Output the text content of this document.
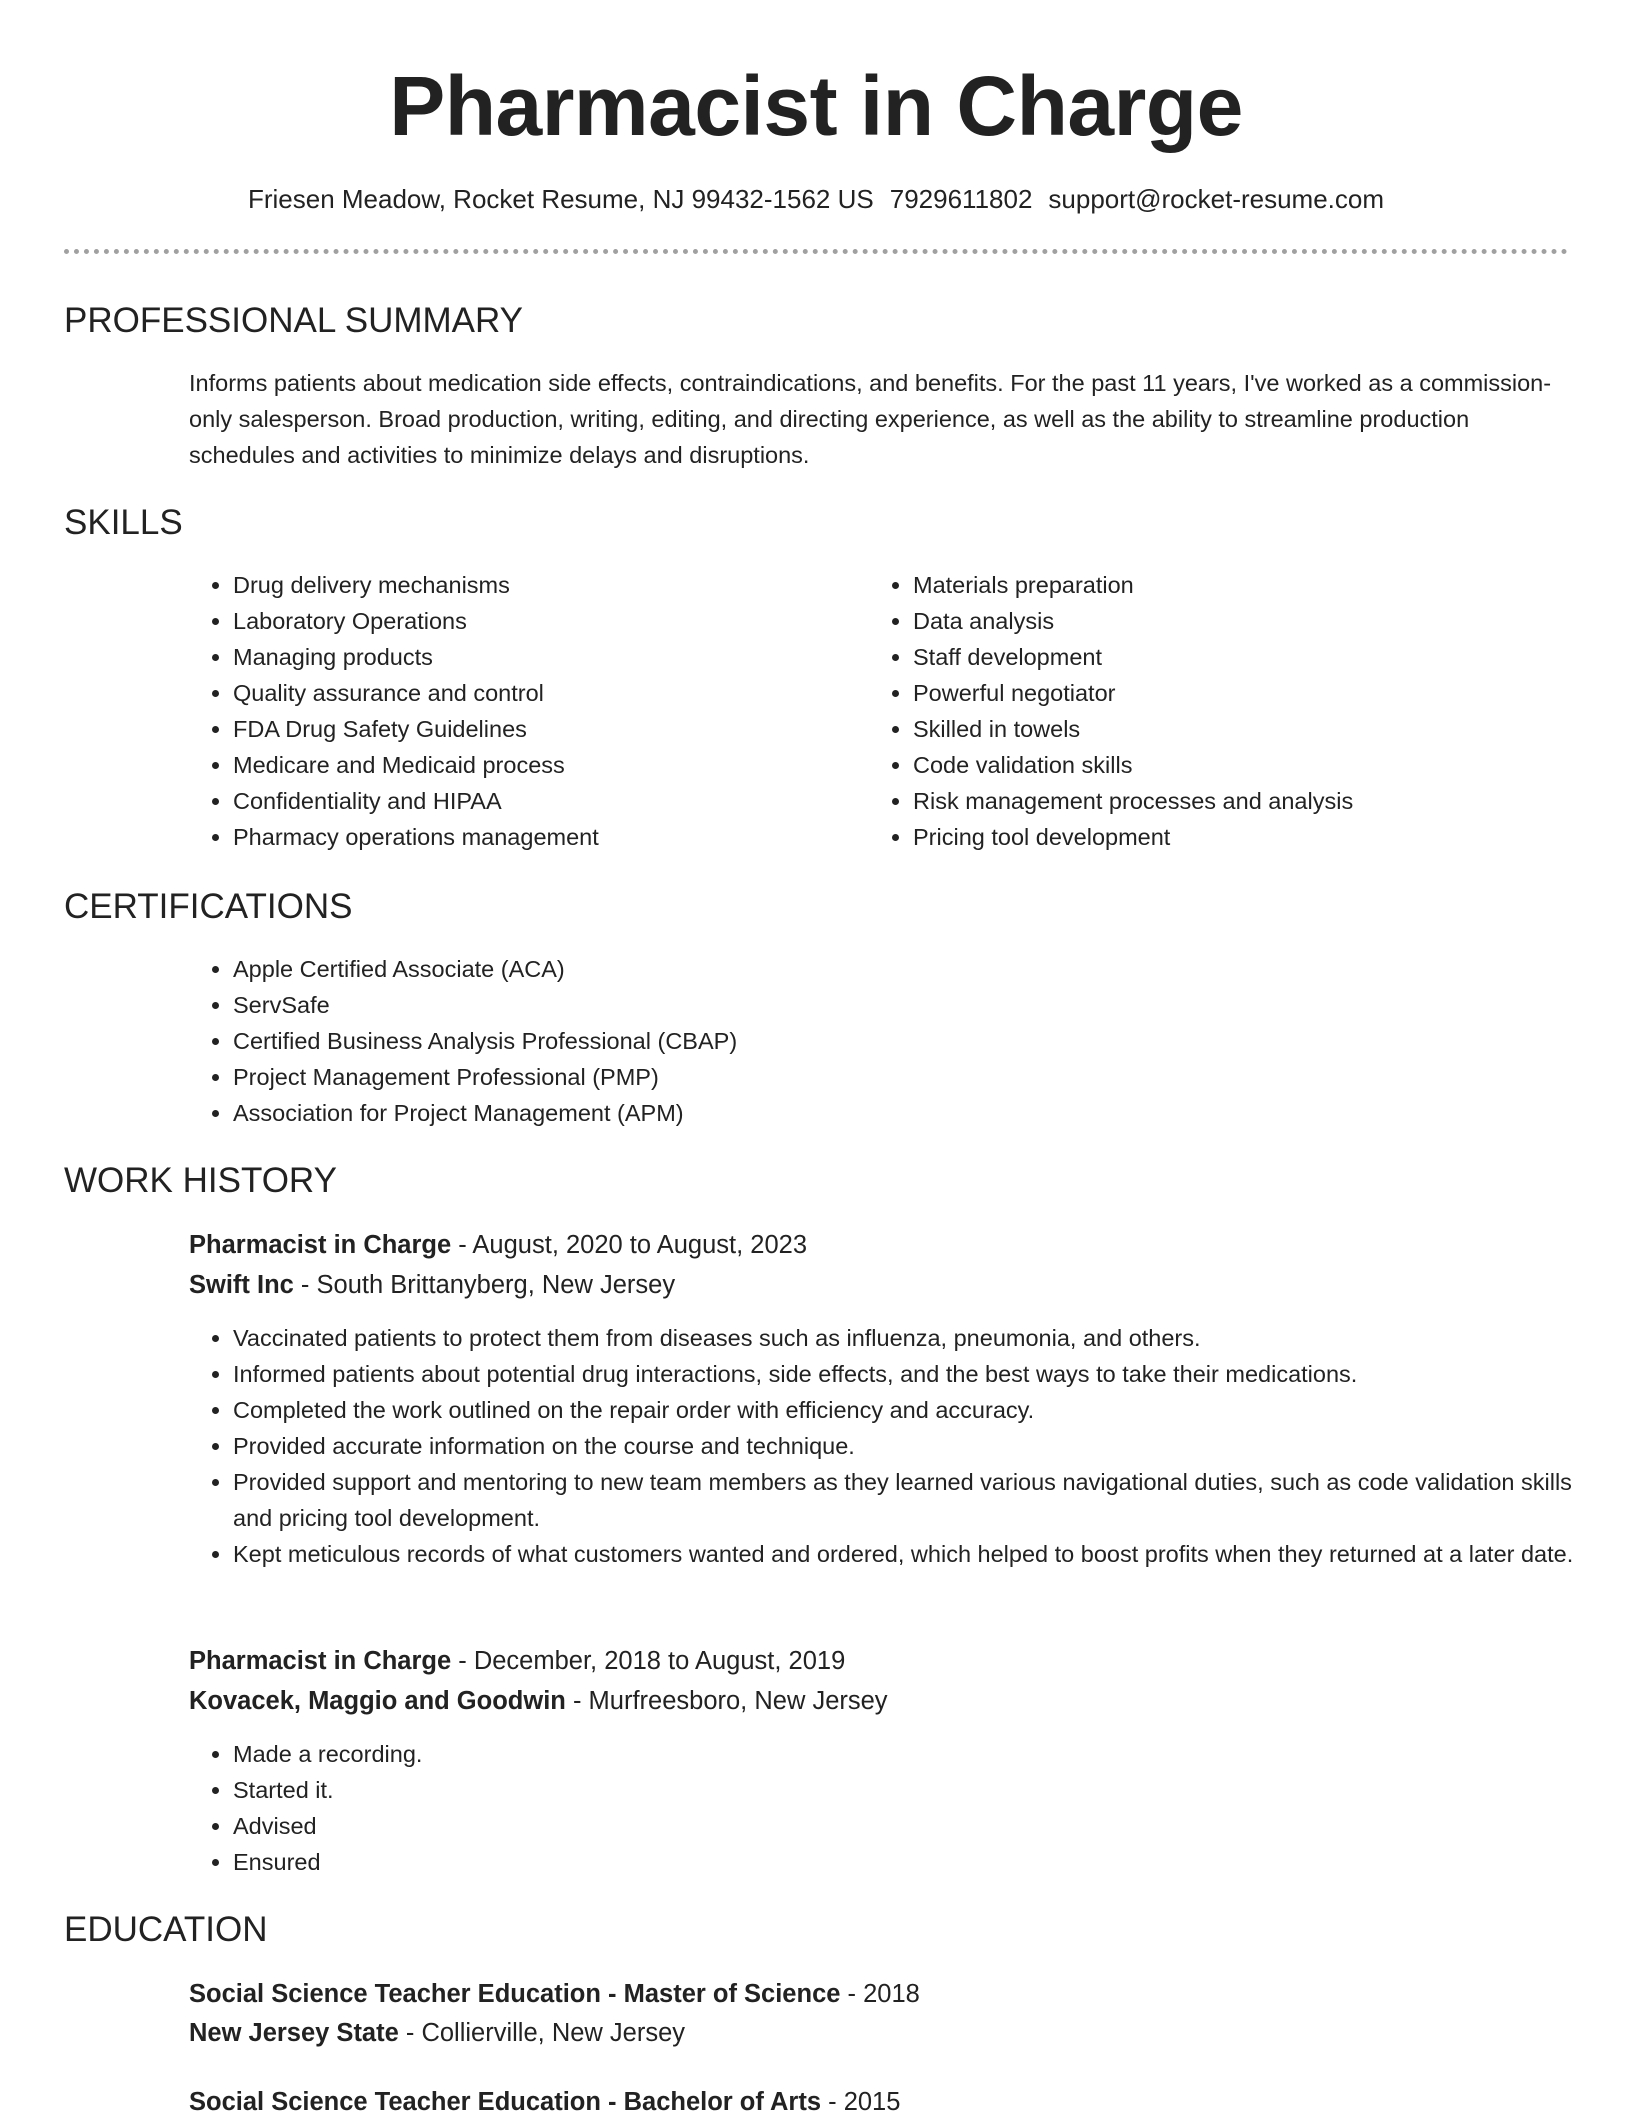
Pharmacist in Charge
Friesen Meadow, Rocket Resume, NJ 99432-1562 US 7929611802 support@rocket-resume.com
PROFESSIONAL SUMMARY

Informs patients about medication side effects, contraindications, and benefits. For the past 11 years, I've worked as a commission-only salesperson. Broad production, writing, editing, and directing experience, as well as the ability to streamline production schedules and activities to minimize delays and disruptions.

SKILLS
• Drug delivery mechanisms
• Laboratory Operations
• Managing products
• Quality assurance and control
• FDA Drug Safety Guidelines
• Medicare and Medicaid process
• Confidentiality and HIPAA
• Pharmacy operations management
• Materials preparation
• Data analysis
• Staff development
• Powerful negotiator
• Skilled in towels
• Code validation skills
• Risk management processes and analysis
• Pricing tool development
CERTIFICATIONS
• Apple Certified Associate (ACA)
• ServSafe
• Certified Business Analysis Professional (CBAP)
• Project Management Professional (PMP)
• Association for Project Management (APM)
WORK HISTORY
Pharmacist in Charge - August, 2020 to August, 2023
Swift Inc - South Brittanyberg, New Jersey
• Vaccinated patients to protect them from diseases such as influenza, pneumonia, and others.
• Informed patients about potential drug interactions, side effects, and the best ways to take their medications.
• Completed the work outlined on the repair order with efficiency and accuracy.
• Provided accurate information on the course and technique.
• Provided support and mentoring to new team members as they learned various navigational duties, such as code validation skills and pricing tool development.
• Kept meticulous records of what customers wanted and ordered, which helped to boost profits when they returned at a later date.
Pharmacist in Charge - December, 2018 to August, 2019
Kovacek, Maggio and Goodwin - Murfreesboro, New Jersey
• Made a recording.
• Started it.
• Advised
• Ensured
EDUCATION
Social Science Teacher Education - Master of Science - 2018
New Jersey State - Collierville, New Jersey
Social Science Teacher Education - Bachelor of Arts - 2015
